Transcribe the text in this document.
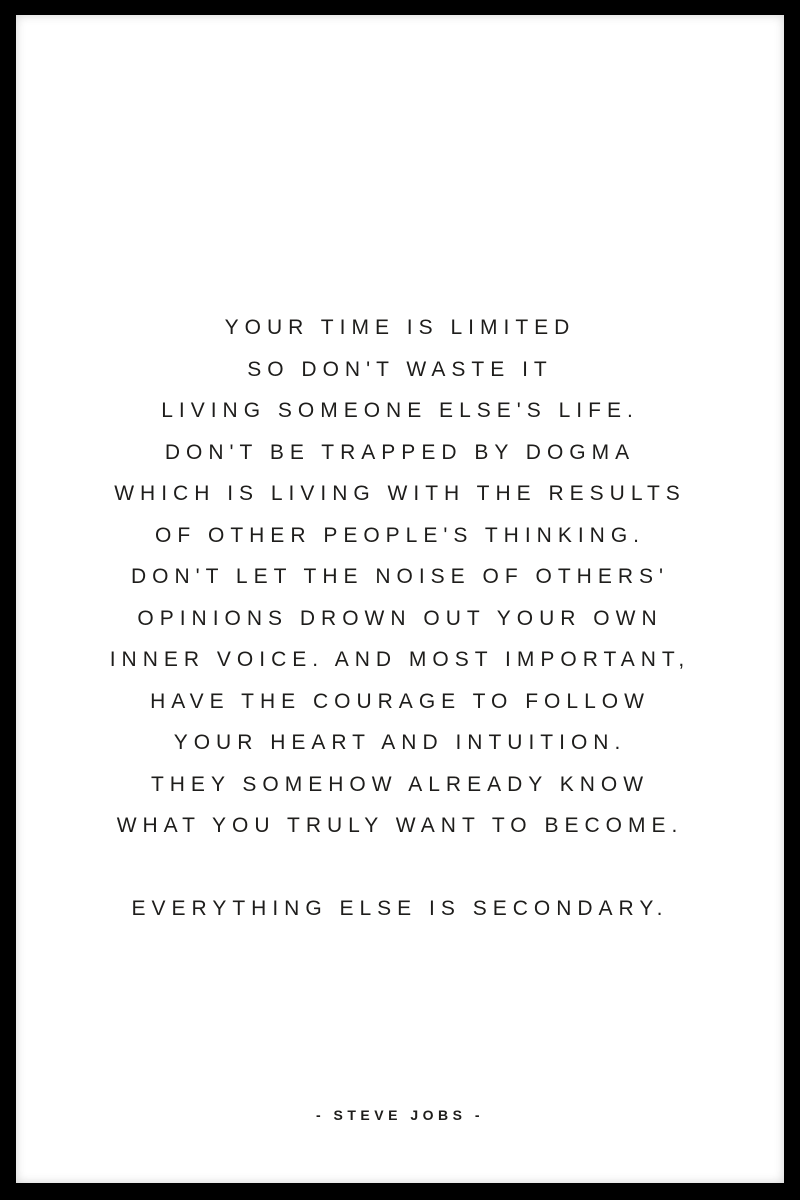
YOUR TIME IS LIMITED
SO DON'T WASTE IT
LIVING SOMEONE ELSE'S LIFE.
DON'T BE TRAPPED BY DOGMA
WHICH IS LIVING WITH THE RESULTS
OF OTHER PEOPLE'S THINKING.
DON'T LET THE NOISE OF OTHERS'
OPINIONS DROWN OUT YOUR OWN
INNER VOICE. AND MOST IMPORTANT,
HAVE THE COURAGE TO FOLLOW
YOUR HEART AND INTUITION.
THEY SOMEHOW ALREADY KNOW
WHAT YOU TRULY WANT TO BECOME.
EVERYTHING ELSE IS SECONDARY.
- STEVE JOBS -
